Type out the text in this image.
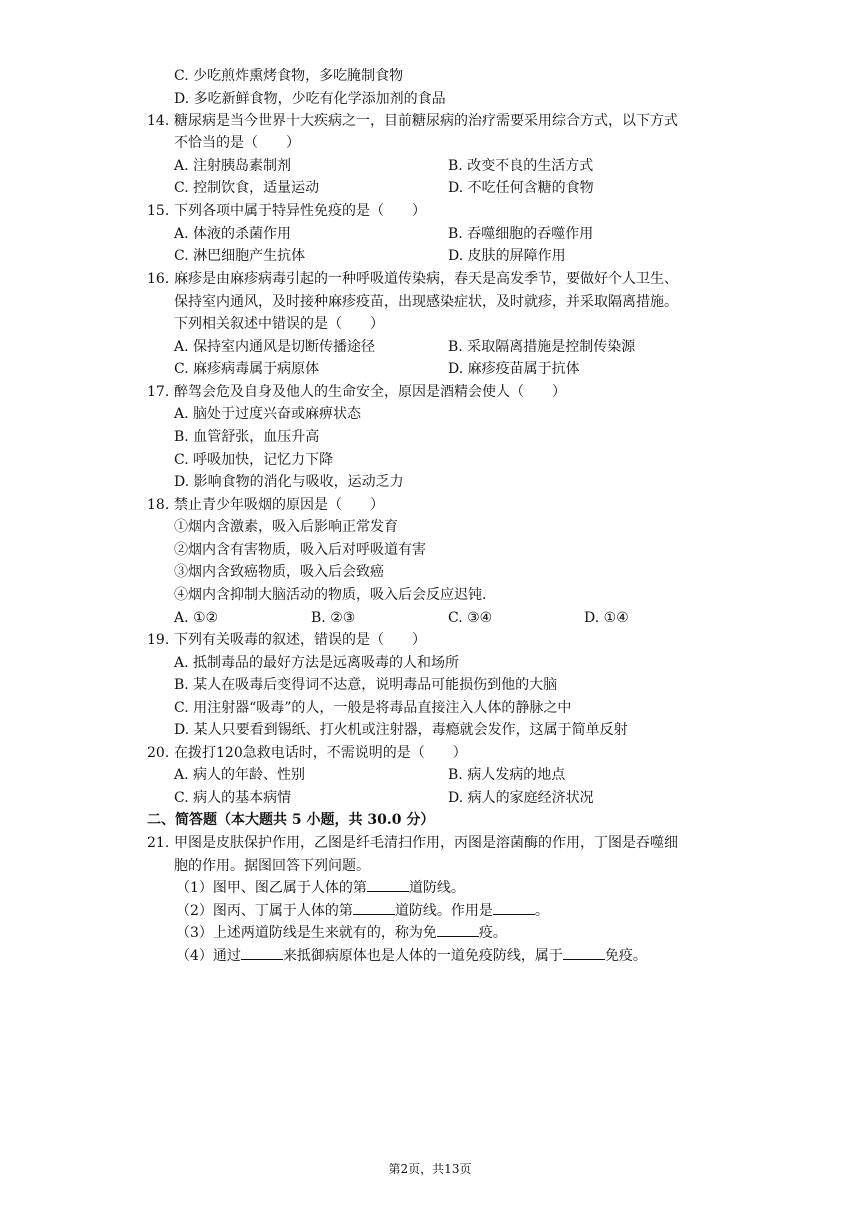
C. 少吃煎炸熏烤食物，多吃腌制食物
D. 多吃新鲜食物，少吃有化学添加剂的食品
14. 糖尿病是当今世界十大疾病之一，目前糖尿病的治疗需要采用综合方式，以下方式
不恰当的是（　　）
A. 注射胰岛素制剂	B. 改变不良的生活方式
C. 控制饮食，适量运动	D. 不吃任何含糖的食物
15. 下列各项中属于特异性免疫的是（　　）
A. 体液的杀菌作用	B. 吞噬细胞的吞噬作用
C. 淋巴细胞产生抗体	D. 皮肤的屏障作用
16. 麻疹是由麻疹病毒引起的一种呼吸道传染病，春天是高发季节，要做好个人卫生、
保持室内通风，及时接种麻疹疫苗，出现感染症状，及时就疹，并采取隔离措施。
下列相关叙述中错误的是（　　）
A. 保持室内通风是切断传播途径	B. 采取隔离措施是控制传染源
C. 麻疹病毒属于病原体	D. 麻疹疫苗属于抗体
17. 醉驾会危及自身及他人的生命安全，原因是酒精会使人（　　）
A. 脑处于过度兴奋或麻痹状态
B. 血管舒张，血压升高
C. 呼吸加快，记忆力下降
D. 影响食物的消化与吸收，运动乏力
18. 禁止青少年吸烟的原因是（　　）
①烟内含激素，吸入后影响正常发育
②烟内含有害物质，吸入后对呼吸道有害
③烟内含致癌物质，吸入后会致癌
④烟内含抑制大脑活动的物质，吸入后会反应迟钝.
A. ①②	B. ②③	C. ③④	D. ①④
19. 下列有关吸毒的叙述，错误的是（　　）
A. 抵制毒品的最好方法是远离吸毒的人和场所
B. 某人在吸毒后变得词不达意，说明毒品可能损伤到他的大脑
C. 用注射器“吸毒”的人，一般是将毒品直接注入人体的静脉之中
D. 某人只要看到锡纸、打火机或注射器，毒瘾就会发作，这属于简单反射
20. 在拨打120急救电话时，不需说明的是（　　）
A. 病人的年龄、性别	B. 病人发病的地点
C. 病人的基本病情	D. 病人的家庭经济状况
二、简答题（本大题共 5 小题，共 30.0 分）
21. 甲图是皮肤保护作用，乙图是纤毛清扫作用，丙图是溶菌酶的作用，丁图是吞噬细
胞的作用。据图回答下列问题。
（1）图甲、图乙属于人体的第	道防线。
（2）图丙、丁属于人体的第	道防线。作用是	。
（3）上述两道防线是生来就有的，称为免	疫。
（4）通过	来抵御病原体也是人体的一道免疫防线，属于	免疫。
第2页，共13页
